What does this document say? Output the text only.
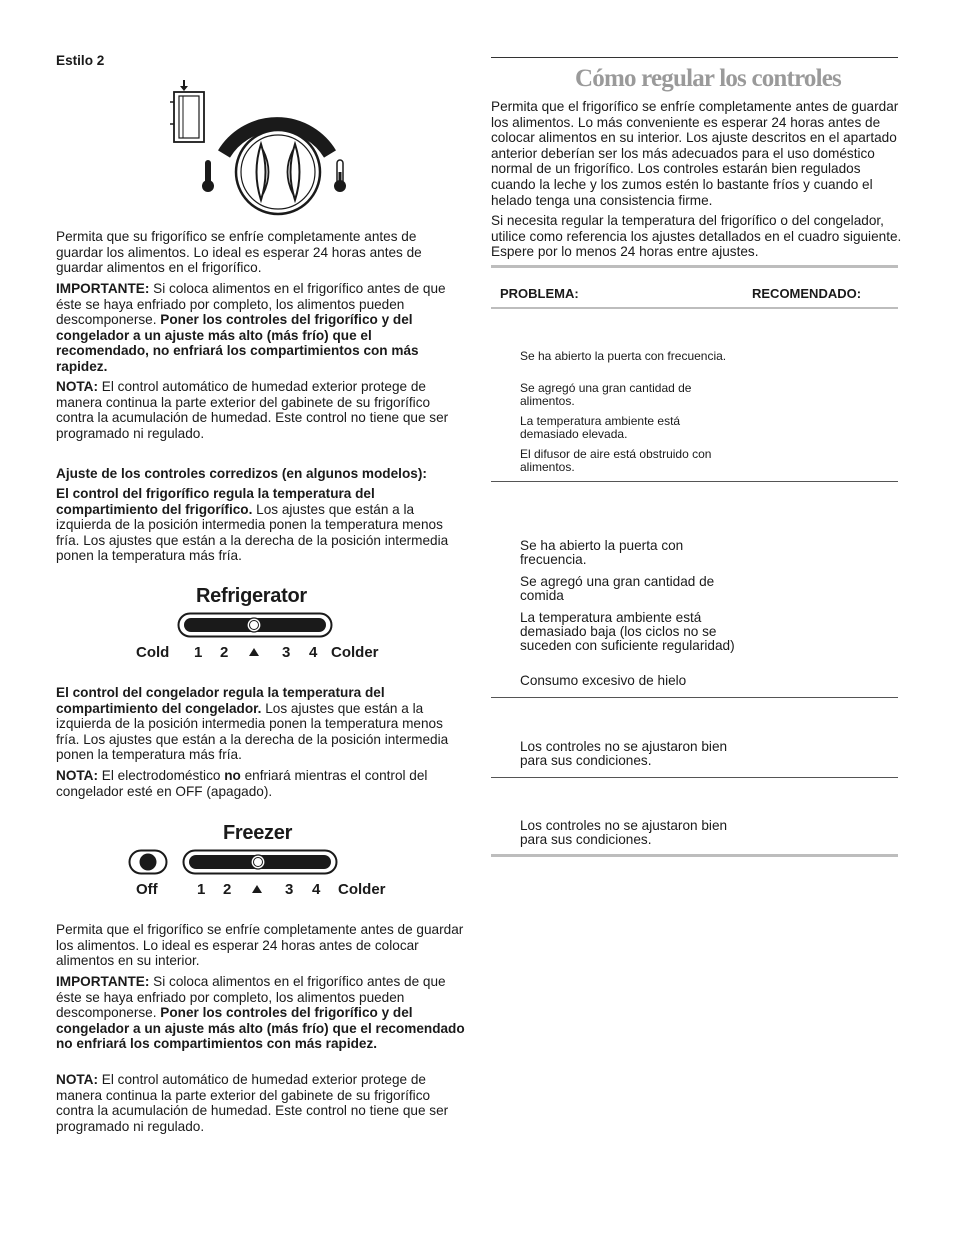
Estilo 2
Permita que su frigorífico se enfríe completamente antes de guardar los alimentos. Lo ideal es esperar 24 horas antes de guardar alimentos en el frigorífico.
IMPORTANTE: Si coloca alimentos en el frigorífico antes de que éste se haya enfriado por completo, los alimentos pueden descomponerse. Poner los controles del frigorífico y del congelador a un ajuste más alto (más frío) que el recomendado, no enfriará los compartimientos con más rapidez.
NOTA: El control automático de humedad exterior protege de manera continua la parte exterior del gabinete de su frigorífico contra la acumulación de humedad. Este control no tiene que ser programado ni regulado.
Ajuste de los controles corredizos (en algunos modelos):
El control del frigorífico regula la temperatura del compartimiento del frigorífico. Los ajustes que están a la izquierda de la posición intermedia ponen la temperatura menos fría. Los ajustes que están a la derecha de la posición intermedia ponen la temperatura más fría.
Refrigerator
Cold 1 2	3 4 Colder
El control del congelador regula la temperatura del compartimiento del congelador. Los ajustes que están a la izquierda de la posición intermedia ponen la temperatura menos fría. Los ajustes que están a la derecha de la posición intermedia ponen la temperatura más fría.
NOTA: El electrodoméstico no enfriará mientras el control del congelador esté en OFF (apagado).
Freezer
Off	1 2	3 4 Colder
Permita que el frigorífico se enfríe completamente antes de guardar los alimentos. Lo ideal es esperar 24 horas antes de colocar alimentos en su interior.
IMPORTANTE: Si coloca alimentos en el frigorífico antes de que éste se haya enfriado por completo, los alimentos pueden descomponerse. Poner los controles del frigorífico y del congelador a un ajuste más alto (más frío) que el recomendado no enfriará los compartimientos con más rapidez.
NOTA: El control automático de humedad exterior protege de manera continua la parte exterior del gabinete de su frigorífico contra la acumulación de humedad. Este control no tiene que ser programado ni regulado.
Cómo regular los controles
Permita que el frigorífico se enfríe completamente antes de guardar los alimentos. Lo más conveniente es esperar 24 horas antes de colocar alimentos en su interior. Los ajuste descritos en el apartado anterior deberían ser los más adecuados para el uso doméstico normal de un frigorífico. Los controles estarán bien regulados cuando la leche y los zumos estén lo bastante fríos y cuando el helado tenga una consistencia firme.
Si necesita regular la temperatura del frigorífico o del congelador, utilice como referencia los ajustes detallados en el cuadro siguiente. Espere por lo menos 24 horas entre ajustes.
PROBLEMA:	RECOMENDADO:
Se ha abierto la puerta con frecuencia.
Se agregó una gran cantidad de alimentos.
La temperatura ambiente está demasiado elevada.
El difusor de aire está obstruido con alimentos.
Se ha abierto la puerta con frecuencia.
Se agregó una gran cantidad de comida
La temperatura ambiente está demasiado baja (los ciclos no se suceden con suficiente regularidad)
Consumo excesivo de hielo
Los controles no se ajustaron bien para sus condiciones.
Los controles no se ajustaron bien para sus condiciones.
